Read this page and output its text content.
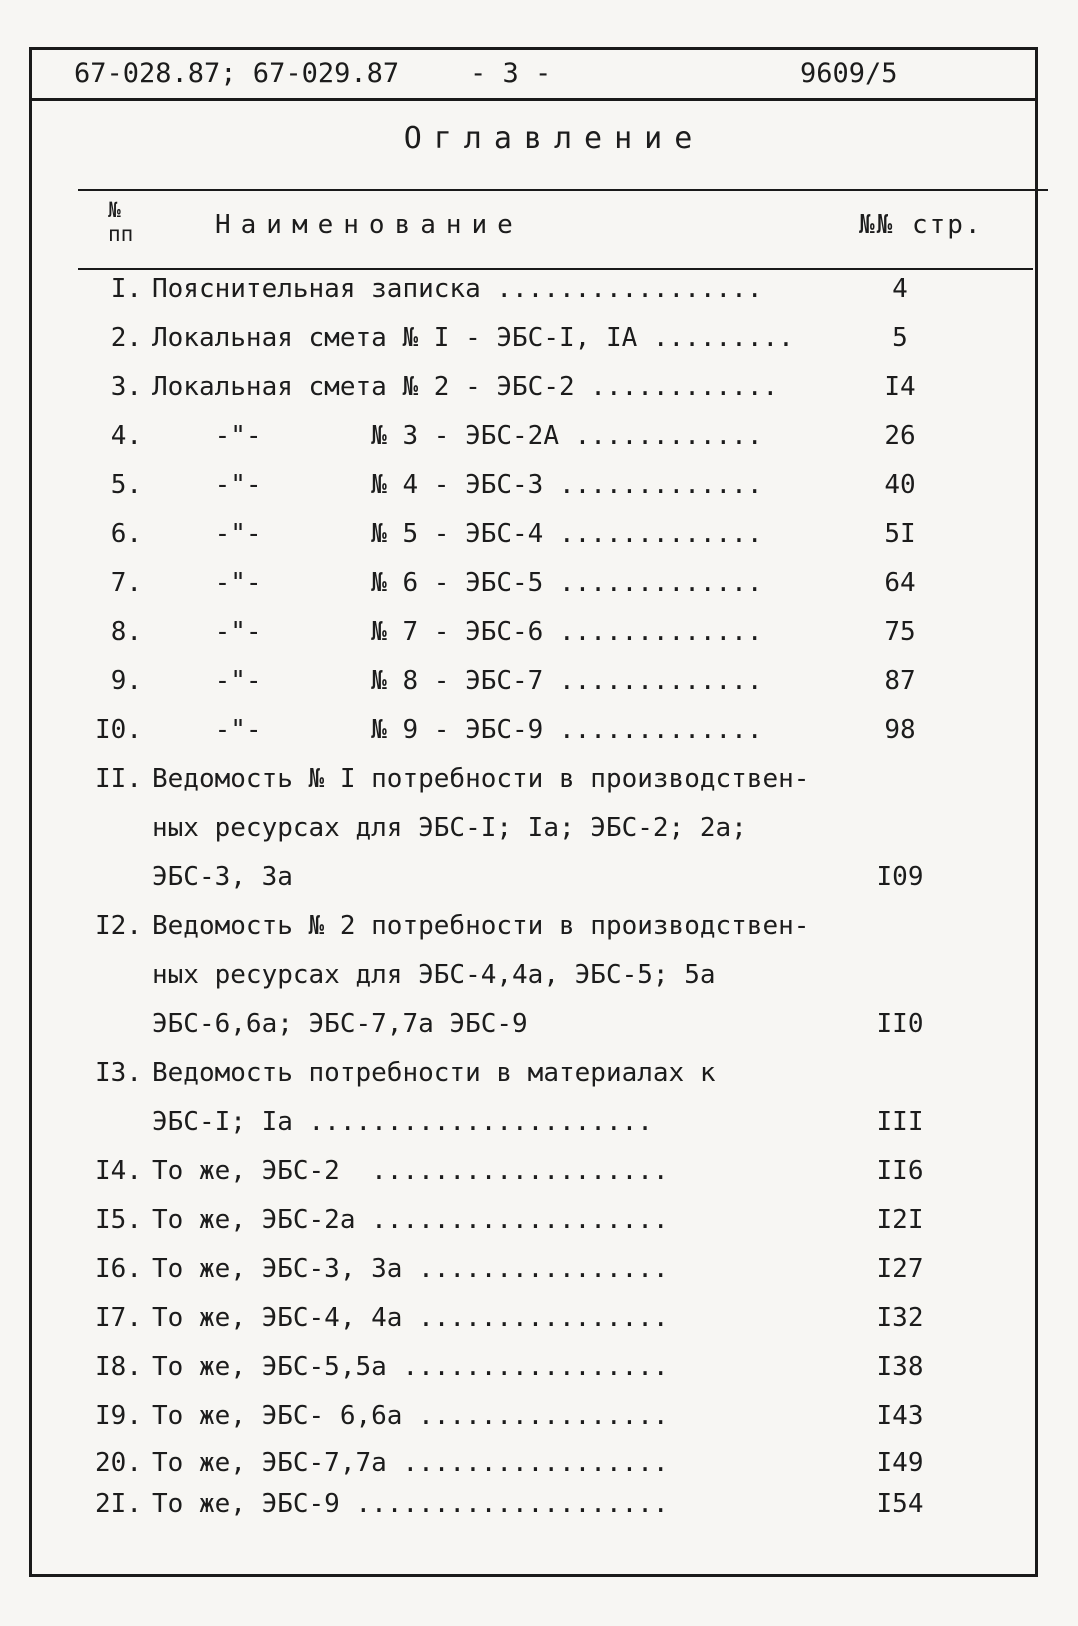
67-028.87; 67-029.87	- 3 -	9609/5
Оглавление
№
пп	Наименование	№№ стр.
I. Пояснительная записка .................	4
2. Локальная смета № I - ЭБС-I, IA .........	5
3. Локальная смета № 2 - ЭБС-2 ............	I4
4. -"-       № 3 - ЭБС-2А ............	26
5. -"-       № 4 - ЭБС-3 .............	40
6. -"-       № 5 - ЭБС-4 .............	5I
7. -"-       № 6 - ЭБС-5 .............	64
8. -"-       № 7 - ЭБС-6 .............	75
9. -"-       № 8 - ЭБС-7 .............	87
I0. -"-       № 9 - ЭБС-9 .............	98
II. Ведомость № I потребности в производствен-
ных ресурсах для ЭБС-I; Iа; ЭБС-2; 2а;
ЭБС-3, 3а	I09
I2. Ведомость № 2 потребности в производствен-
ных ресурсах для ЭБС-4,4а, ЭБС-5; 5а
ЭБС-6,6а; ЭБС-7,7а ЭБС-9	II0
I3. Ведомость потребности в материалах к
ЭБС-I; Iа ......................	III
I4. То же, ЭБС-2  ...................	II6
I5. То же, ЭБС-2а ...................	I2I
I6. То же, ЭБС-3, 3а ................	I27
I7. То же, ЭБС-4, 4а ................	I32
I8. То же, ЭБС-5,5а .................	I38
I9. То же, ЭБС- 6,6а ................	I43
20. То же, ЭБС-7,7а .................	I49
2I. То же, ЭБС-9 ....................	I54
